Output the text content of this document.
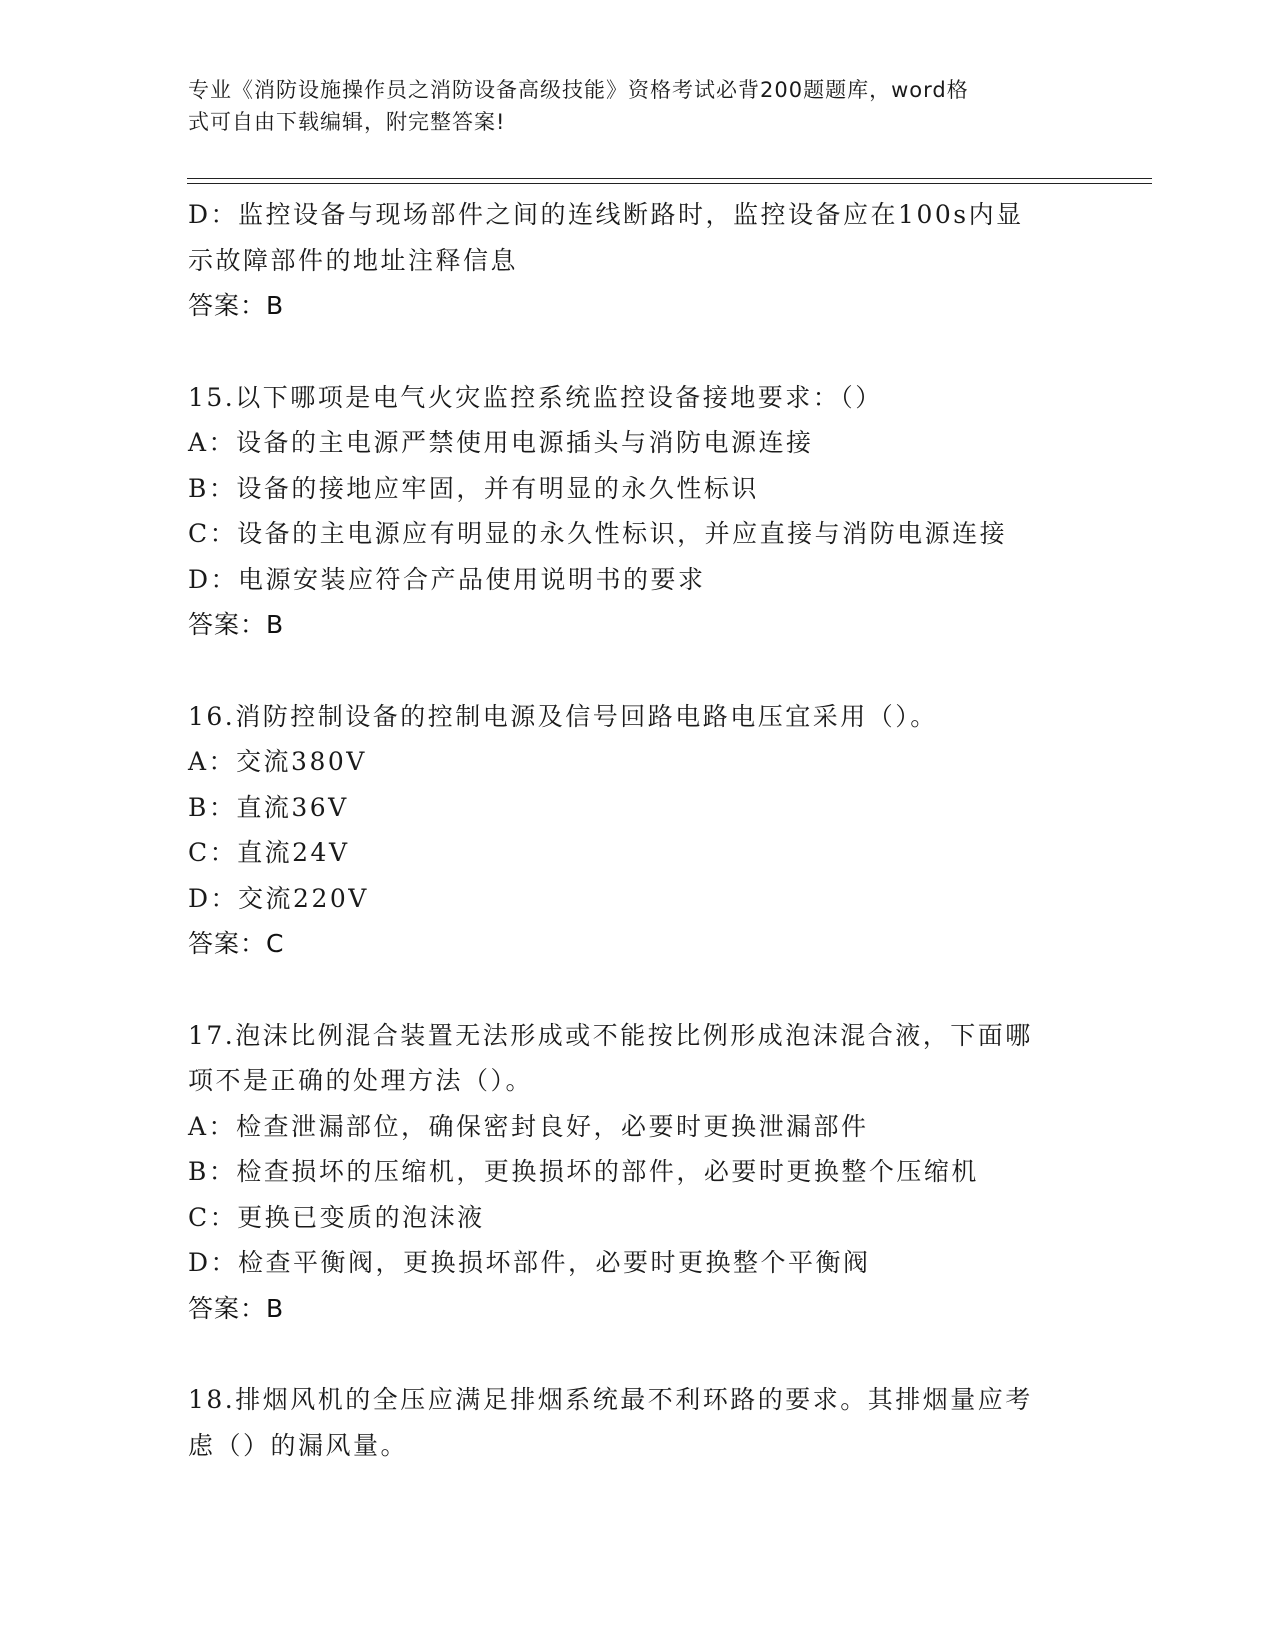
专业《消防设施操作员之消防设备高级技能》资格考试必背200题题库，word格
式可自由下载编辑，附完整答案!
D：监控设备与现场部件之间的连线断路时，监控设备应在100s内显
示故障部件的地址注释信息
答案：B
15.以下哪项是电气火灾监控系统监控设备接地要求：（）
A：设备的主电源严禁使用电源插头与消防电源连接
B：设备的接地应牢固，并有明显的永久性标识
C：设备的主电源应有明显的永久性标识，并应直接与消防电源连接
D：电源安装应符合产品使用说明书的要求
答案：B
16.消防控制设备的控制电源及信号回路电路电压宜采用（）。
A：交流380V
B：直流36V
C：直流24V
D：交流220V
答案：C
17.泡沫比例混合装置无法形成或不能按比例形成泡沫混合液，下面哪
项不是正确的处理方法（）。
A：检查泄漏部位，确保密封良好，必要时更换泄漏部件
B：检查损坏的压缩机，更换损坏的部件，必要时更换整个压缩机
C：更换已变质的泡沫液
D：检查平衡阀，更换损坏部件，必要时更换整个平衡阀
答案：B
18.排烟风机的全压应满足排烟系统最不利环路的要求。其排烟量应考
虑（）的漏风量。
